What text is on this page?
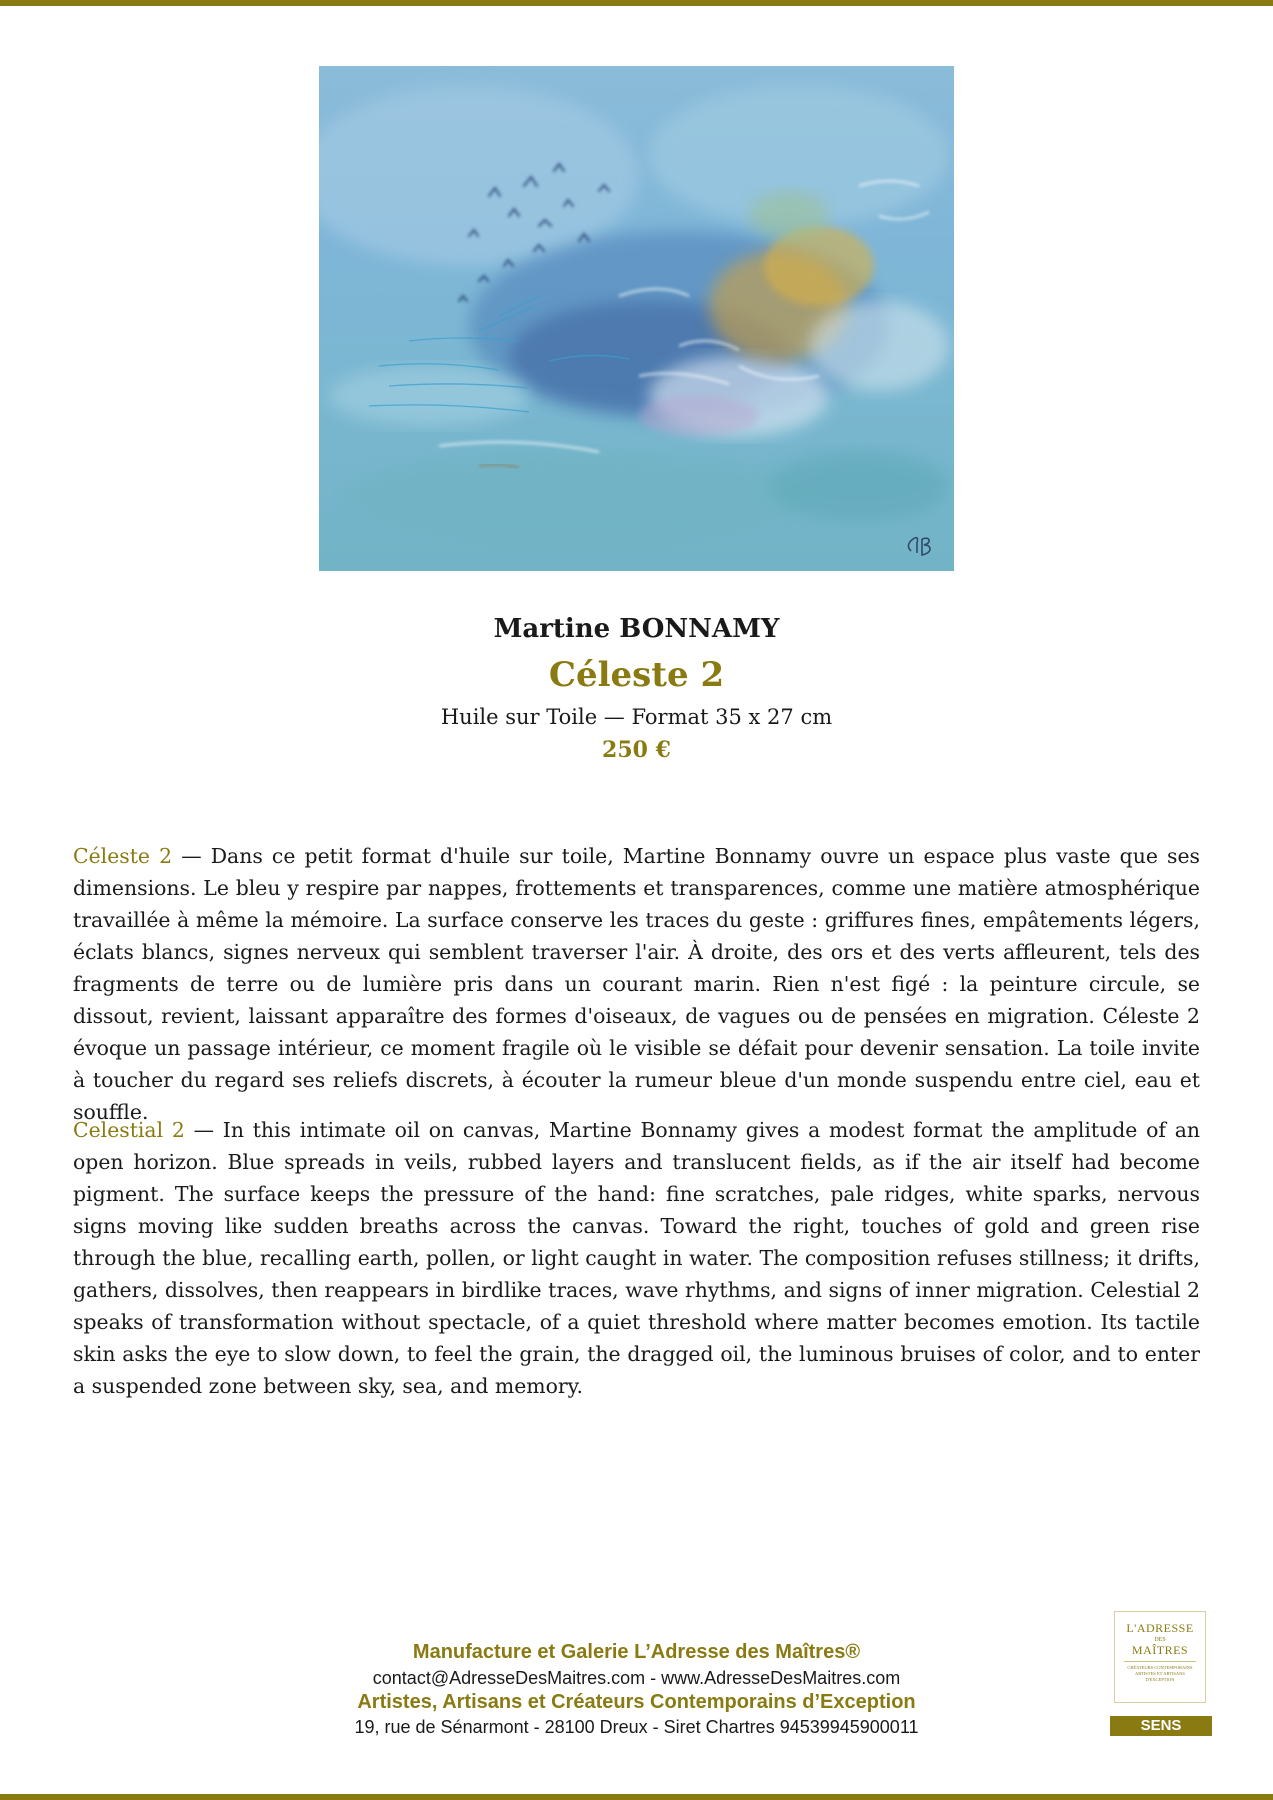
Martine BONNAMY
Céleste 2
Huile sur Toile — Format 35 x 27 cm
250 €

Céleste 2 — Dans ce petit format d'huile sur toile, Martine Bonnamy ouvre un espace plus vaste que ses dimensions. Le bleu y respire par nappes, frottements et transparences, comme une matière atmosphérique travaillée à même la mémoire. La surface conserve les traces du geste : griffures fines, empâtements légers, éclats blancs, signes nerveux qui semblent traverser l'air. À droite, des ors et des verts affleurent, tels des fragments de terre ou de lumière pris dans un courant marin. Rien n'est figé : la peinture circule, se dissout, revient, laissant apparaître des formes d'oiseaux, de vagues ou de pensées en migration. Céleste 2 évoque un passage intérieur, ce moment fragile où le visible se défait pour devenir sensation. La toile invite à toucher du regard ses reliefs discrets, à écouter la rumeur bleue d'un monde suspendu entre ciel, eau et souffle.

Celestial 2 — In this intimate oil on canvas, Martine Bonnamy gives a modest format the amplitude of an open horizon. Blue spreads in veils, rubbed layers and translucent fields, as if the air itself had become pigment. The surface keeps the pressure of the hand: fine scratches, pale ridges, white sparks, nervous signs moving like sudden breaths across the canvas. Toward the right, touches of gold and green rise through the blue, recalling earth, pollen, or light caught in water. The composition refuses stillness; it drifts, gathers, dissolves, then reappears in birdlike traces, wave rhythms, and signs of inner migration. Celestial 2 speaks of transformation without spectacle, of a quiet threshold where matter becomes emotion. Its tactile skin asks the eye to slow down, to feel the grain, the dragged oil, the luminous bruises of color, and to enter a suspended zone between sky, sea, and memory.

Manufacture et Galerie L’Adresse des Maîtres®
contact@AdresseDesMaitres.com - www.AdresseDesMaitres.com
Artistes, Artisans et Créateurs Contemporains d’Exception
19, rue de Sénarmont - 28100 Dreux - Siret Chartres 94539945900011
L'ADRESSE
DES
MAÎTRES
CRÉATEURS CONTEMPORAINS ARTISTES ET ARTISANS D'EXCEPTION
SENS
